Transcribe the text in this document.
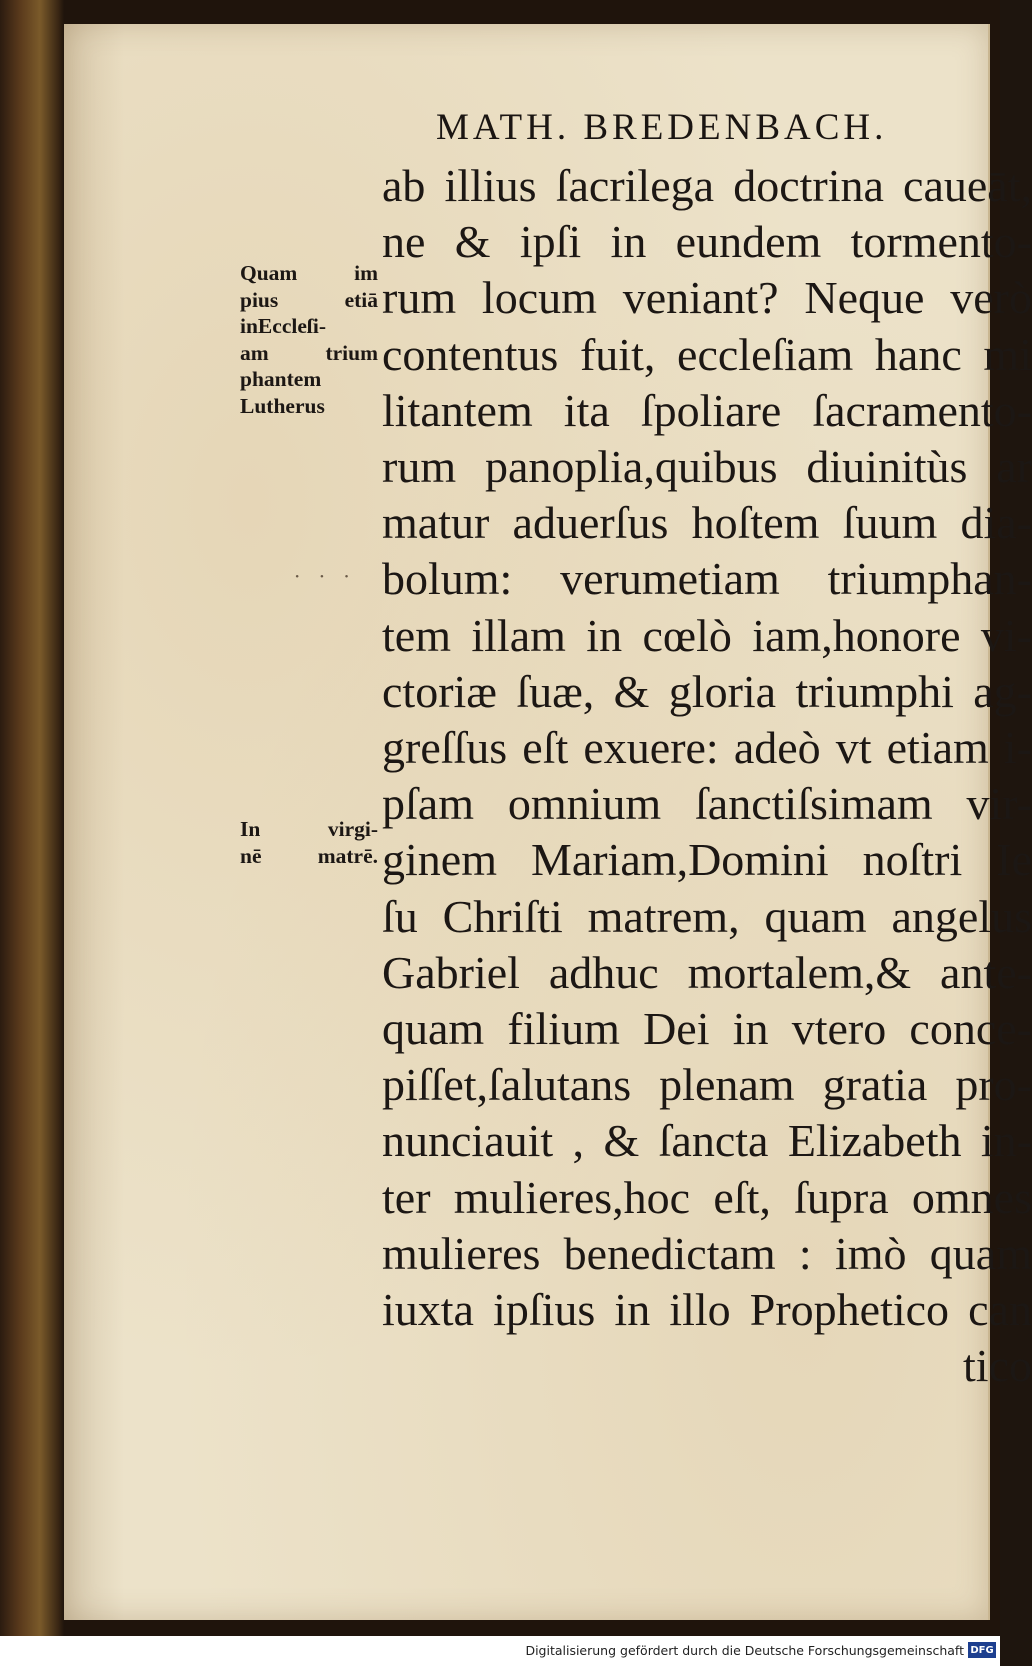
MATH. BREDENBACH.
Quam im
pius etiā
inEccleſi-
am trium
phantem
Lutherus
· · ·
In virgi-
nē matrē.
ab illius ſacrilega doctrina caueāt,
ne & ipſi in eundem tormento-
rum locum veniant? Neque verò
contentus fuit, eccleſiam hanc mi
litantem ita ſpoliare ſacramento-
rum panoplia,quibus diuinitùs ar
matur aduerſus hoſtem ſuum dia-
bolum: verumetiam triumphan-
tem illam in cœlò iam,honore vi-
ctoriæ ſuæ, & gloria triumphi ag-
greſſus eſt exuere: adeò vt etiam i-
pſam omnium ſanctiſsimam vir-
ginem Mariam,Domini noſtri Ie
ſu Chriſti matrem, quam angelus
Gabriel adhuc mortalem,& ante-
quam filium Dei in vtero conce-
piſſet,ſalutans plenam gratia pro-
nunciauit , & ſancta Elizabeth in-
ter mulieres,hoc eſt, ſupra omnes
mulieres benedictam : imò quam
iuxta ipſius in illo Prophetico can
tico
Digitalisierung gefördert durch die Deutsche Forschungsgemeinschaft DFG
